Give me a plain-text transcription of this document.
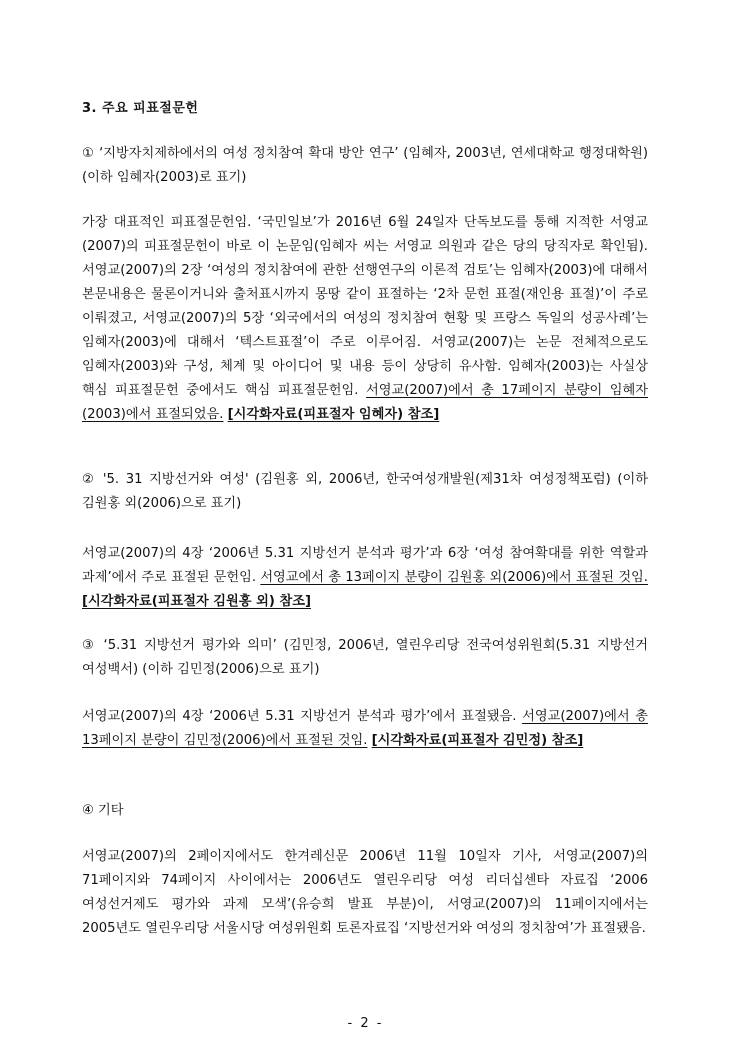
3. 주요 피표절문헌
① ‘지방자치제하에서의 여성 정치참여 확대 방안 연구’ (임혜자, 2003년, 연세대학교 행정대학원) (이하 임혜자(2003)로 표기)
가장 대표적인 피표절문헌임. ‘국민일보’가 2016년 6월 24일자 단독보도를 통해 지적한 서영교(2007)의 피표절문헌이 바로 이 논문임(임혜자 씨는 서영교 의원과 같은 당의 당직자로 확인됨). 서영교(2007)의 2장 ‘여성의 정치참여에 관한 선행연구의 이론적 검토’는 임혜자(2003)에 대해서 본문내용은 물론이거니와 출처표시까지 몽땅 같이 표절하는 ‘2차 문헌 표절(재인용 표절)’이 주로 이뤄졌고, 서영교(2007)의 5장 ‘외국에서의 여성의 정치참여 현황 및 프랑스 독일의 성공사례’는 임혜자(2003)에 대해서 ‘텍스트표절’이 주로 이루어짐. 서영교(2007)는 논문 전체적으로도 임혜자(2003)와 구성, 체계 및 아이디어 및 내용 등이 상당히 유사함. 임혜자(2003)는 사실상 핵심 피표절문헌 중에서도 핵심 피표절문헌임. 서영교(2007)에서 총 17페이지 분량이 임혜자(2003)에서 표절되었음. [시각화자료(피표절자 임혜자) 참조]
② '5. 31 지방선거와 여성' (김원홍 외, 2006년, 한국여성개발원(제31차 여성정책포럼) (이하 김원홍 외(2006)으로 표기)
서영교(2007)의 4장 ‘2006년 5.31 지방선거 분석과 평가’과 6장 ‘여성 참여확대를 위한 역할과 과제’에서 주로 표절된 문헌임. 서영교에서 총 13페이지 분량이 김원홍 외(2006)에서 표절된 것임. [시각화자료(피표절자 김원홍 외) 참조]
③ ‘5.31 지방선거 평가와 의미’ (김민정, 2006년, 열린우리당 전국여성위원회(5.31 지방선거 여성백서) (이하 김민정(2006)으로 표기)
서영교(2007)의 4장 ‘2006년 5.31 지방선거 분석과 평가’에서 표절됐음. 서영교(2007)에서 총 13페이지 분량이 김민정(2006)에서 표절된 것임. [시각화자료(피표절자 김민정) 참조]
④ 기타
서영교(2007)의 2페이지에서도 한겨레신문 2006년 11월 10일자 기사, 서영교(2007)의 71페이지와 74페이지 사이에서는 2006년도 열린우리당 여성 리더십센타 자료집 ‘2006 여성선거제도 평가와 과제 모색’(유승희 발표 부분)이, 서영교(2007)의 11페이지에서는 2005년도 열린우리당 서울시당 여성위원회 토론자료집 ‘지방선거와 여성의 정치참여’가 표절됐음.
- 2 -
